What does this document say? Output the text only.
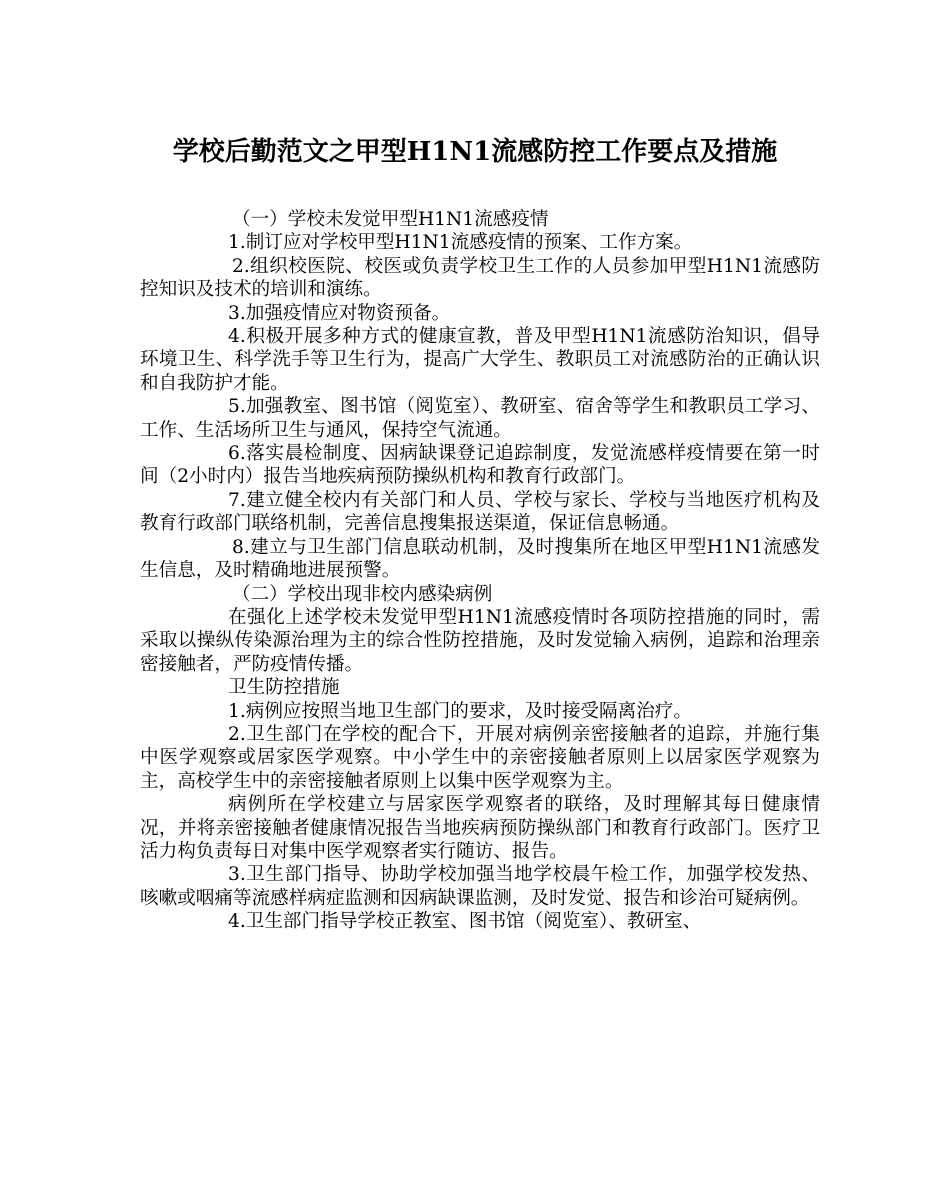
学校后勤范文之甲型H1N1流感防控工作要点及措施

（一）学校未发觉甲型H1N1流感疫情

1.制订应对学校甲型H1N1流感疫情的预案、工作方案。

2.组织校医院、校医或负责学校卫生工作的人员参加甲型H1N1流感防控知识及技术的培训和演练。

3.加强疫情应对物资预备。

4.积极开展多种方式的健康宣教，普及甲型H1N1流感防治知识，倡导环境卫生、科学洗手等卫生行为，提高广大学生、教职员工对流感防治的正确认识和自我防护才能。

5.加强教室、图书馆（阅览室）、教研室、宿舍等学生和教职员工学习、工作、生活场所卫生与通风，保持空气流通。

6.落实晨检制度、因病缺课登记追踪制度，发觉流感样疫情要在第一时间（2小时内）报告当地疾病预防操纵机构和教育行政部门。

7.建立健全校内有关部门和人员、学校与家长、学校与当地医疗机构及教育行政部门联络机制，完善信息搜集报送渠道，保证信息畅通。

8.建立与卫生部门信息联动机制，及时搜集所在地区甲型H1N1流感发生信息，及时精确地进展预警。

（二）学校出现非校内感染病例

在强化上述学校未发觉甲型H1N1流感疫情时各项防控措施的同时，需采取以操纵传染源治理为主的综合性防控措施，及时发觉输入病例，追踪和治理亲密接触者，严防疫情传播。

卫生防控措施

1.病例应按照当地卫生部门的要求，及时接受隔离治疗。

2.卫生部门在学校的配合下，开展对病例亲密接触者的追踪，并施行集中医学观察或居家医学观察。中小学生中的亲密接触者原则上以居家医学观察为主，高校学生中的亲密接触者原则上以集中医学观察为主。

病例所在学校建立与居家医学观察者的联络，及时理解其每日健康情况，并将亲密接触者健康情况报告当地疾病预防操纵部门和教育行政部门。医疗卫活力构负责每日对集中医学观察者实行随访、报告。

3.卫生部门指导、协助学校加强当地学校晨午检工作，加强学校发热、咳嗽或咽痛等流感样病症监测和因病缺课监测，及时发觉、报告和诊治可疑病例。

4.卫生部门指导学校正教室、图书馆（阅览室）、教研室、
